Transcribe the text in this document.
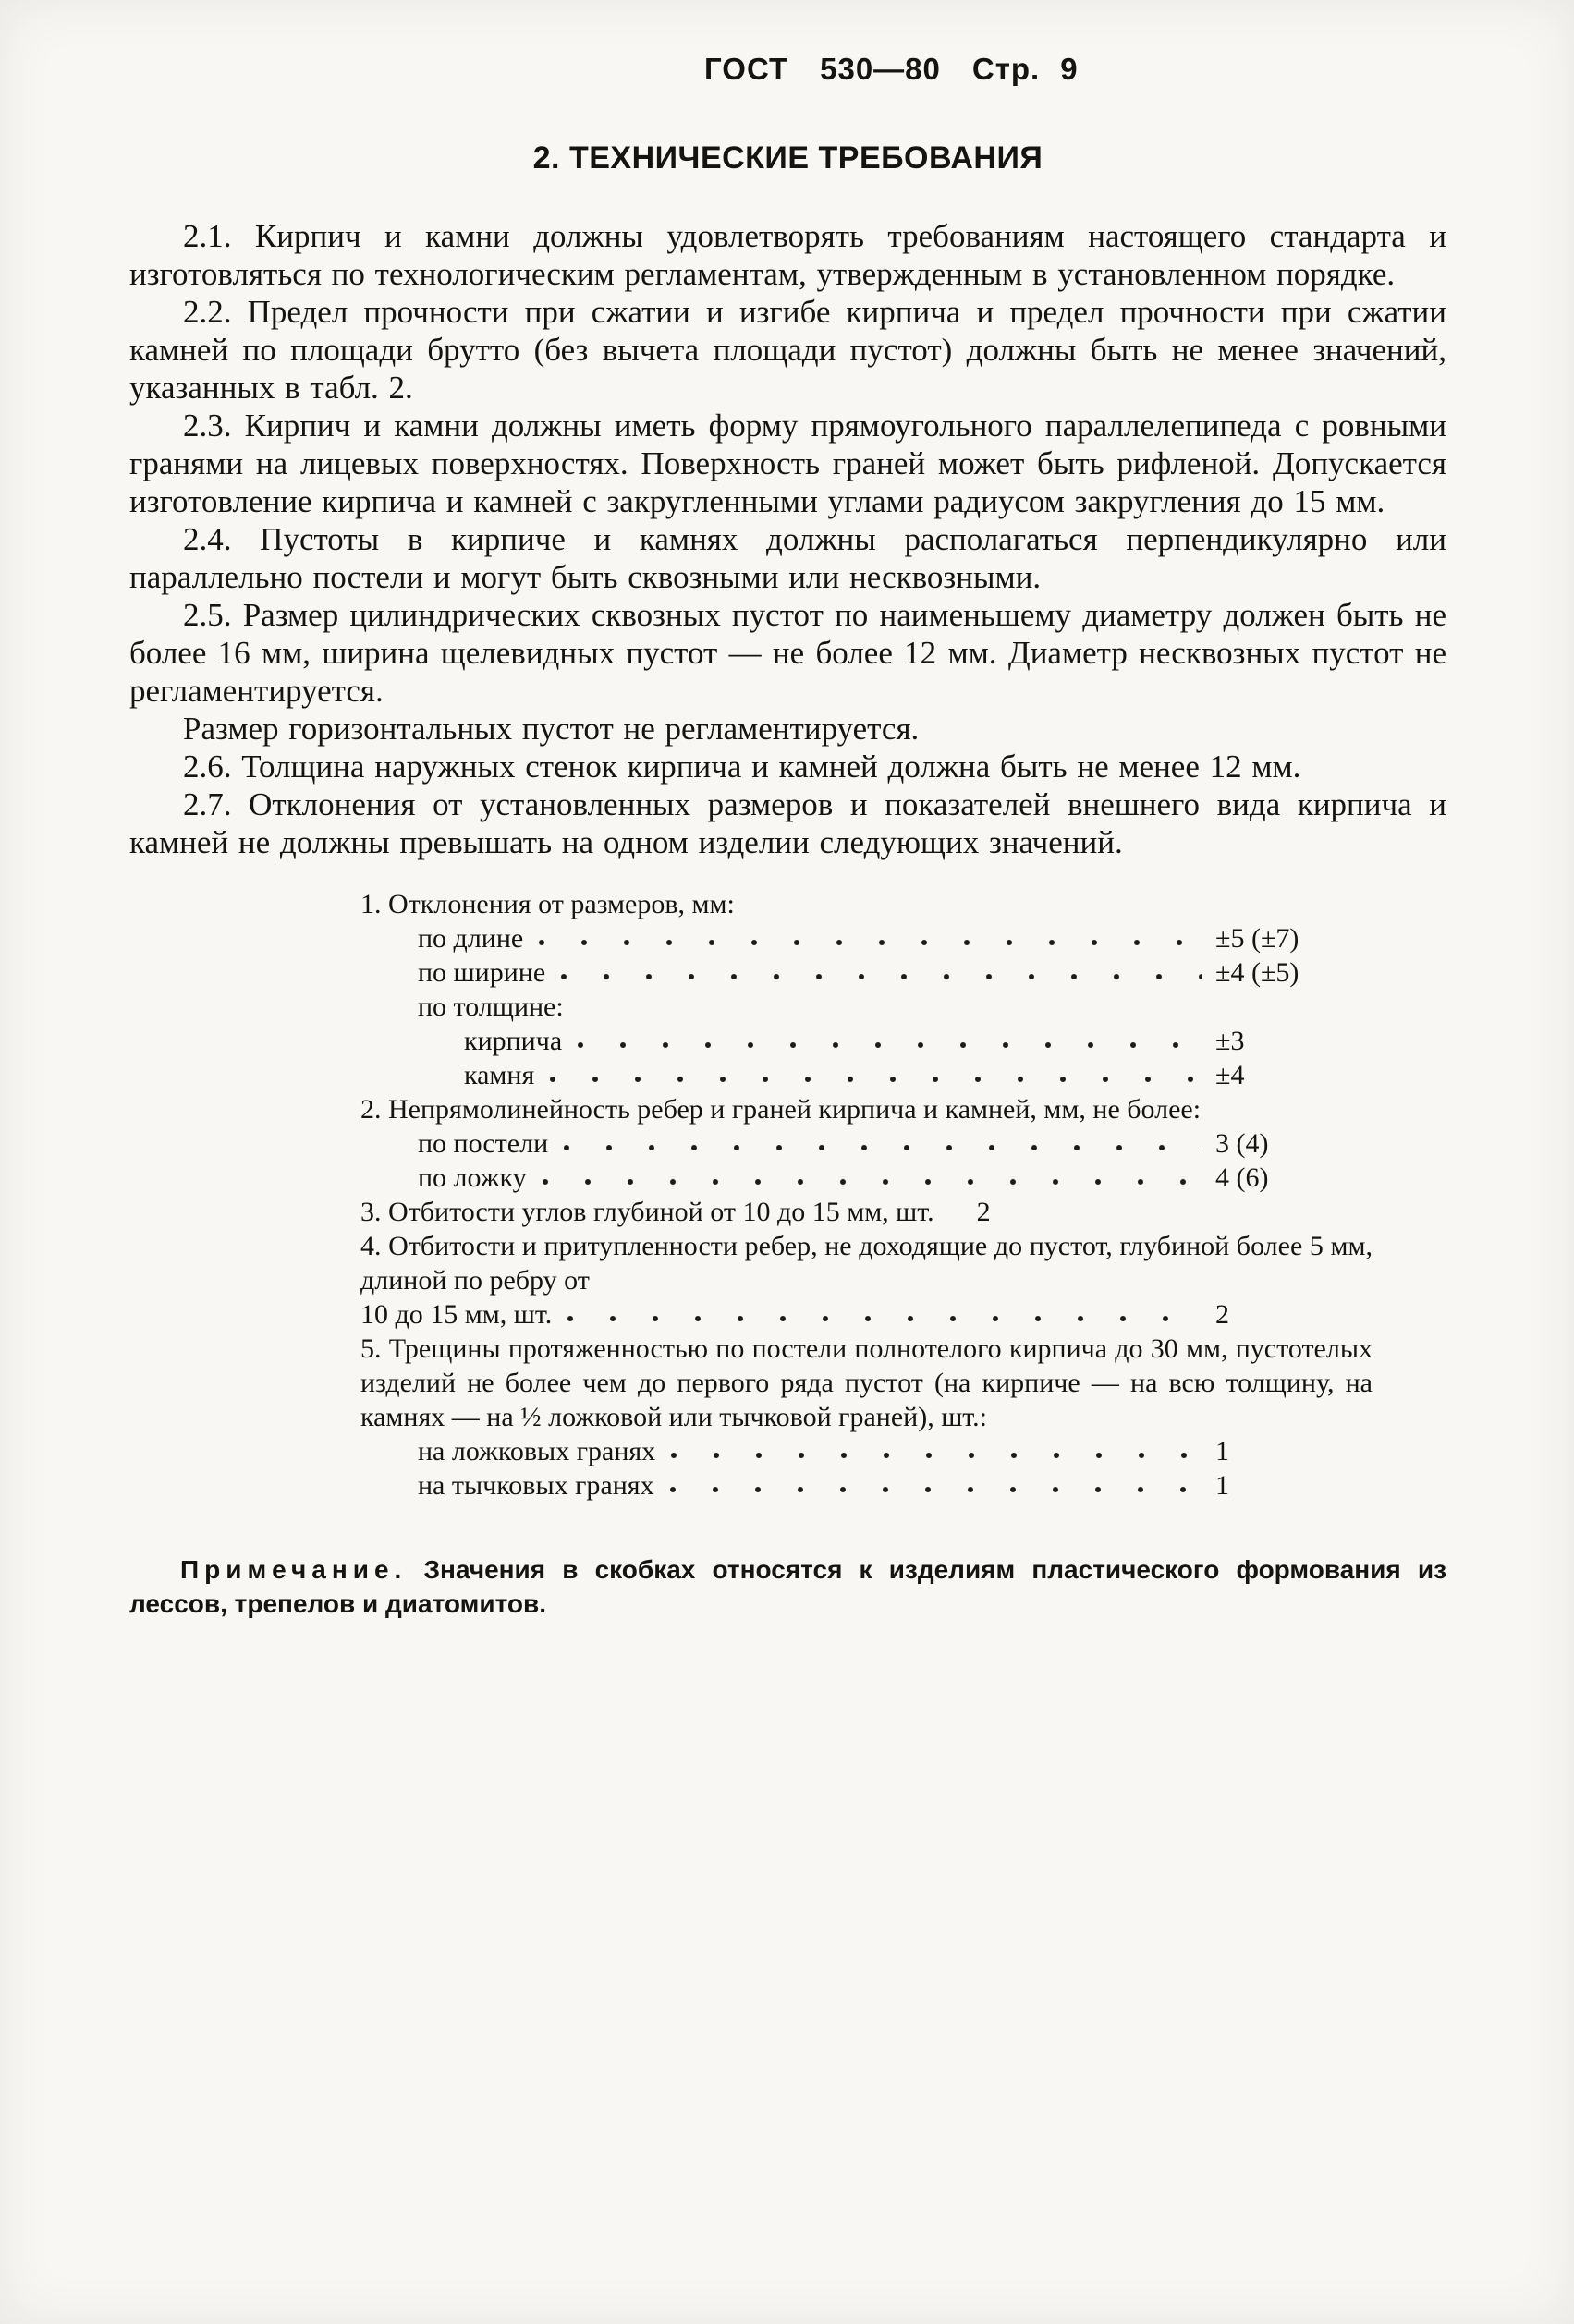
ГОСТ 530—80 Стр. 9
2. ТЕХНИЧЕСКИЕ ТРЕБОВАНИЯ

2.1. Кирпич и камни должны удовлетворять требованиям настоящего стандарта и изготовляться по технологическим регламентам, утвержденным в установленном порядке.

2.2. Предел прочности при сжатии и изгибе кирпича и предел прочности при сжатии камней по площади брутто (без вычета площади пустот) должны быть не менее значений, указанных в табл. 2.

2.3. Кирпич и камни должны иметь форму прямоугольного параллелепипеда с ровными гранями на лицевых поверхностях. Поверхность граней может быть рифленой. Допускается изготовление кирпича и камней с закругленными углами радиусом закругления до 15 мм.

2.4. Пустоты в кирпиче и камнях должны располагаться перпендикулярно или параллельно постели и могут быть сквозными или несквозными.

2.5. Размер цилиндрических сквозных пустот по наименьшему диаметру должен быть не более 16 мм, ширина щелевидных пустот — не более 12 мм. Диаметр несквозных пустот не регламентируется.

Размер горизонтальных пустот не регламентируется.

2.6. Толщина наружных стенок кирпича и камней должна быть не менее 12 мм.

2.7. Отклонения от установленных размеров и показателей внешнего вида кирпича и камней не должны превышать на одном изделии следующих значений.

1. Отклонения от размеров, мм:
по длине	±5 (±7)
по ширине	±4 (±5)
по толщине:
кирпича	±3
камня	±4
2. Непрямолинейность ребер и граней кирпича и камней, мм, не более:
по постели	3 (4)
по ложку	4 (6)
3. Отбитости углов глубиной от 10 до 15 мм, шт. 2
4. Отбитости и притупленности ребер, не доходящие до пустот, глубиной более 5 мм, длиной по ребру от
10 до 15 мм, шт.	2
5. Трещины протяженностью по постели полнотелого кирпича до 30 мм, пустотелых изделий не более чем до первого ряда пустот (на кирпиче — на всю толщину, на камнях — на ½ ложковой или тычковой граней), шт.:
на ложковых гранях	1
на тычковых гранях	1

Примечание. Значения в скобках относятся к изделиям пластического формования из лессов, трепелов и диатомитов.
